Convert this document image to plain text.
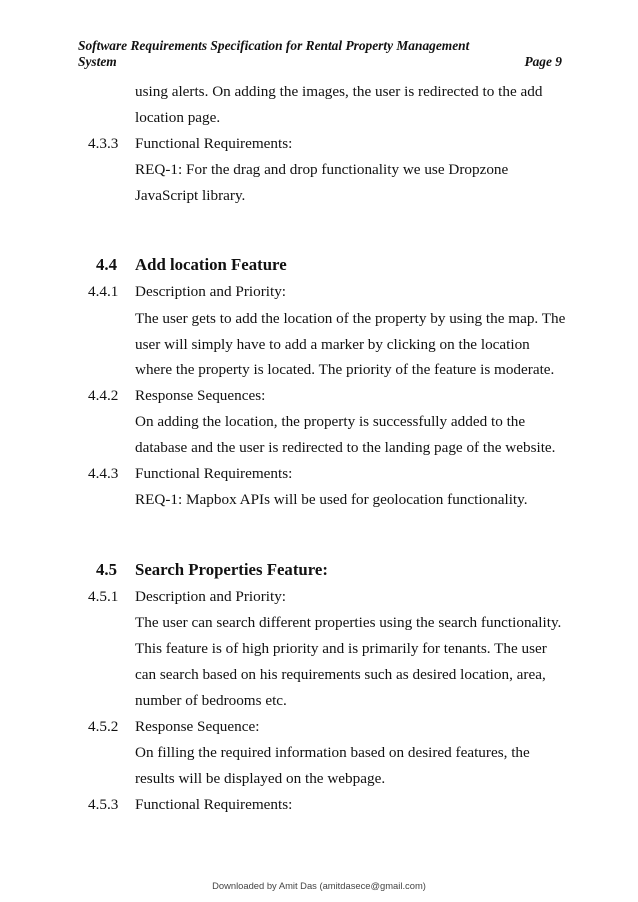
Software Requirements Specification for Rental Property Management
System	Page 9
using alerts. On adding the images, the user is redirected to the add
location page.
4.3.3 Functional Requirements:
REQ-1: For the drag and drop functionality we use Dropzone
JavaScript library.
4.4 Add location Feature
4.4.1 Description and Priority:
The user gets to add the location of the property by using the map. The
user will simply have to add a marker by clicking on the location
where the property is located. The priority of the feature is moderate.
4.4.2 Response Sequences:
On adding the location, the property is successfully added to the
database and the user is redirected to the landing page of the website.
4.4.3 Functional Requirements:
REQ-1: Mapbox APIs will be used for geolocation functionality.
4.5 Search Properties Feature:
4.5.1 Description and Priority:
The user can search different properties using the search functionality.
This feature is of high priority and is primarily for tenants. The user
can search based on his requirements such as desired location, area,
number of bedrooms etc.
4.5.2 Response Sequence:
On filling the required information based on desired features, the
results will be displayed on the webpage.
4.5.3 Functional Requirements:
Downloaded by Amit Das (amitdasece@gmail.com)
